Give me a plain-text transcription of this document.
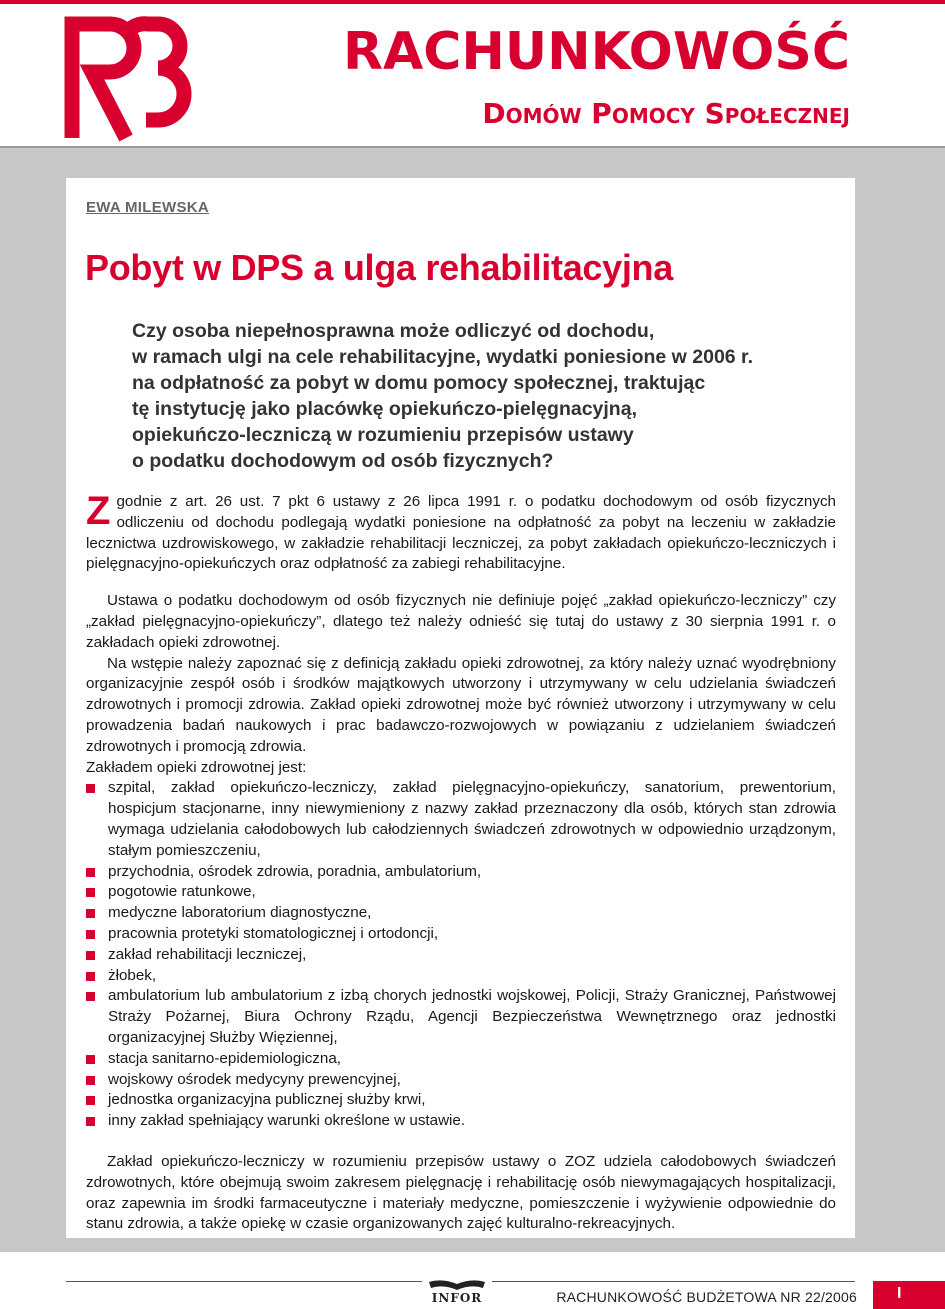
RACHUNKOWOŚĆ
Domów Pomocy Społecznej
EWA MILEWSKA
Pobyt w DPS a ulga rehabilitacyjna
Czy osoba niepełnosprawna może odliczyć od dochodu,
w ramach ulgi na cele rehabilitacyjne, wydatki poniesione w 2006 r.
na odpłatność za pobyt w domu pomocy społecznej, traktując
tę instytucję jako placówkę opiekuńczo-pielęgnacyjną,
opiekuńczo-leczniczą w rozumieniu przepisów ustawy
o podatku dochodowym od osób fizycznych?

Zgodnie z art. 26 ust. 7 pkt 6 ustawy z 26 lipca 1991 r. o podatku dochodowym od osób fizycznych odliczeniu od dochodu podlegają wydatki poniesione na odpłatność za pobyt na leczeniu w zakładzie lecznictwa uzdrowiskowego, w zakładzie rehabilitacji leczniczej, za pobyt zakładach opiekuńczo-leczniczych i pielęgnacyjno-opiekuńczych oraz odpłatność za zabiegi rehabilitacyjne.

Ustawa o podatku dochodowym od osób fizycznych nie definiuje pojęć „zakład opiekuńczo-leczniczy” czy „zakład pielęgnacyjno-opiekuńczy”, dlatego też należy odnieść się tutaj do ustawy z 30 sierpnia 1991 r. o zakładach opieki zdrowotnej.

Na wstępie należy zapoznać się z definicją zakładu opieki zdrowotnej, za który należy uznać wyodrębniony organizacyjnie zespół osób i środków majątkowych utworzony i utrzymywany w celu udzielania świadczeń zdrowotnych i promocji zdrowia. Zakład opieki zdrowotnej może być również utworzony i utrzymywany w celu prowadzenia badań naukowych i prac badawczo-rozwojowych w powiązaniu z udzielaniem świadczeń zdrowotnych i promocją zdrowia.

Zakładem opieki zdrowotnej jest:

szpital, zakład opiekuńczo-leczniczy, zakład pielęgnacyjno-opiekuńczy, sanatorium, prewentorium, hospicjum stacjonarne, inny niewymieniony z nazwy zakład przeznaczony dla osób, których stan zdrowia wymaga udzielania całodobowych lub całodziennych świadczeń zdrowotnych w odpowiednio urządzonym, stałym pomieszczeniu,
przychodnia, ośrodek zdrowia, poradnia, ambulatorium,
pogotowie ratunkowe,
medyczne laboratorium diagnostyczne,
pracownia protetyki stomatologicznej i ortodoncji,
zakład rehabilitacji leczniczej,
żłobek,
ambulatorium lub ambulatorium z izbą chorych jednostki wojskowej, Policji, Straży Granicznej, Państwowej Straży Pożarnej, Biura Ochrony Rządu, Agencji Bezpieczeństwa Wewnętrznego oraz jednostki organizacyjnej Służby Więziennej,
stacja sanitarno-epidemiologiczna,
wojskowy ośrodek medycyny prewencyjnej,
jednostka organizacyjna publicznej służby krwi,
inny zakład spełniający warunki określone w ustawie.

Zakład opiekuńczo-leczniczy w rozumieniu przepisów ustawy o ZOZ udziela całodobowych świadczeń zdrowotnych, które obejmują swoim zakresem pielęgnację i rehabilitację osób niewymagających hospitalizacji, oraz zapewnia im środki farmaceutyczne i materiały medyczne, pomieszczenie i wyżywienie odpowiednie do stanu zdrowia, a także opiekę w czasie organizowanych zajęć kulturalno-rekreacyjnych.

INFOR	RACHUNKOWOŚĆ BUDŻETOWA NR 22/2006	I
